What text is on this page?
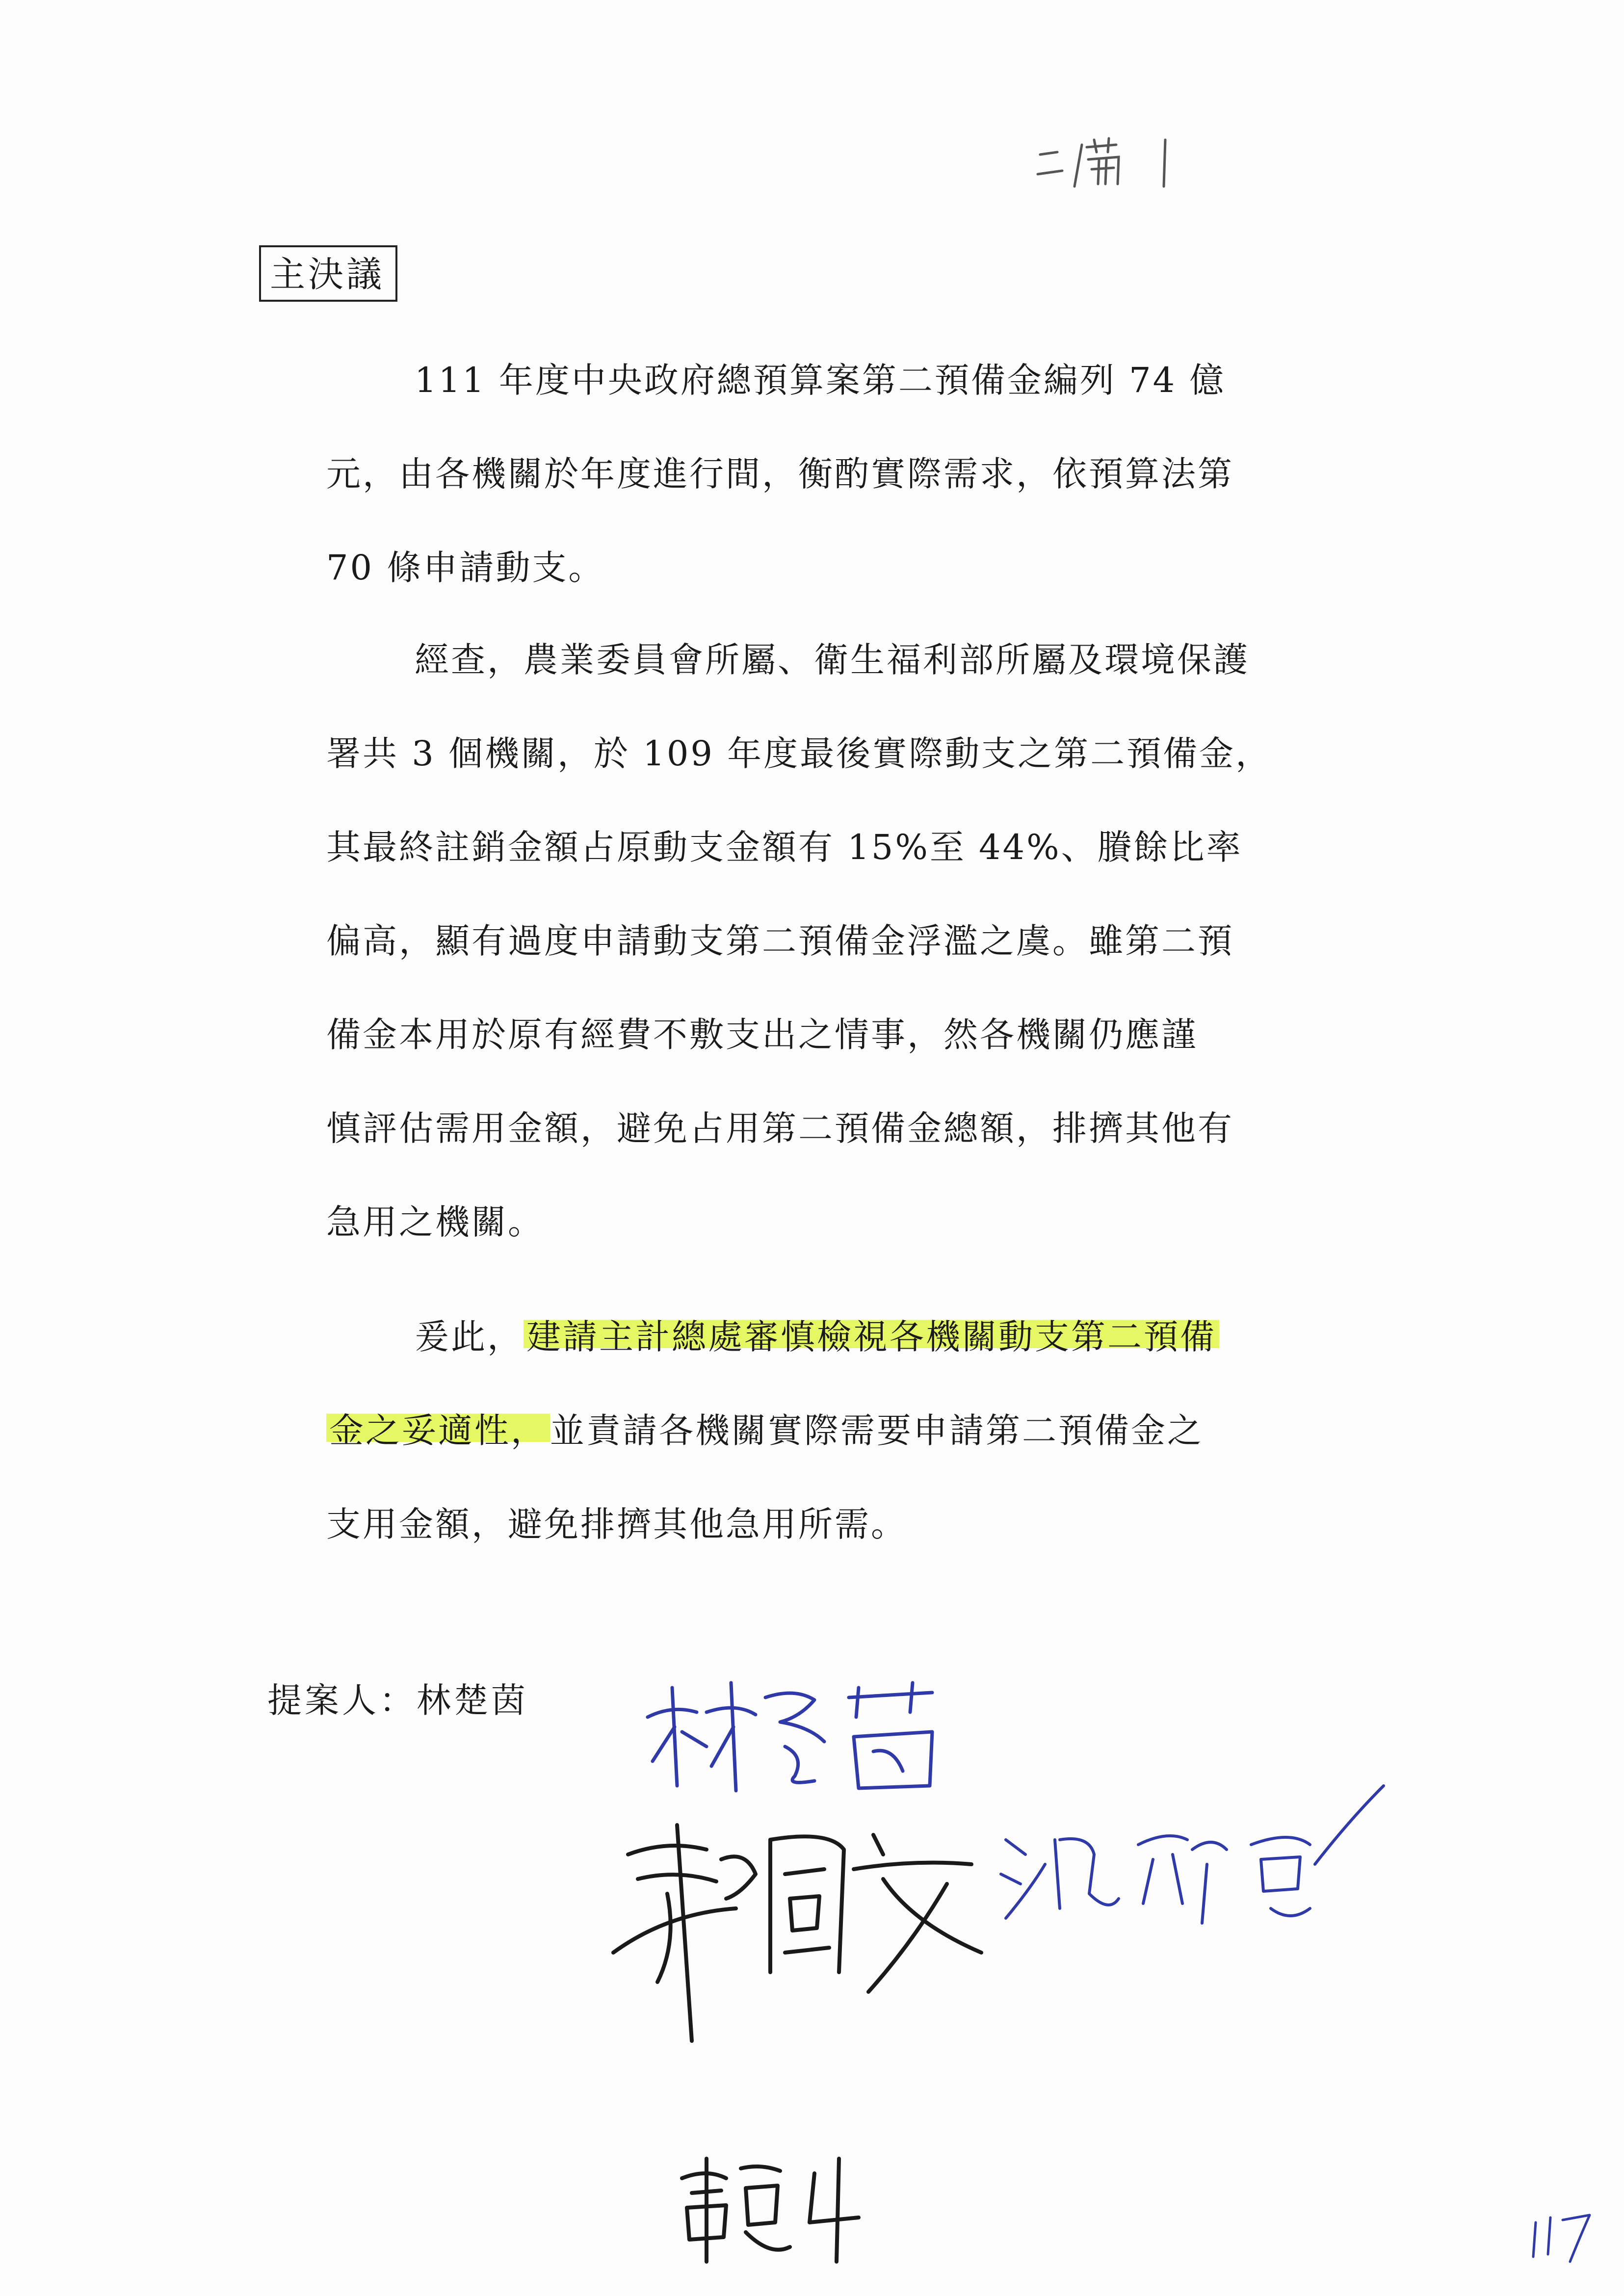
主決議
111 年度中央政府總預算案第二預備金編列 74 億
元，由各機關於年度進行間，衡酌實際需求，依預算法第
70 條申請動支。
經查，農業委員會所屬、衛生福利部所屬及環境保護
署共 3 個機關，於 109 年度最後實際動支之第二預備金，
其最終註銷金額占原動支金額有 15%至 44%、賸餘比率
偏高，顯有過度申請動支第二預備金浮濫之虞。雖第二預
備金本用於原有經費不敷支出之情事，然各機關仍應謹
慎評估需用金額，避免占用第二預備金總額，排擠其他有
急用之機關。
爰此，建請主計總處審慎檢視各機關動支第二預備
金之妥適性，並責請各機關實際需要申請第二預備金之
支用金額，避免排擠其他急用所需。
提案人：林楚茵
